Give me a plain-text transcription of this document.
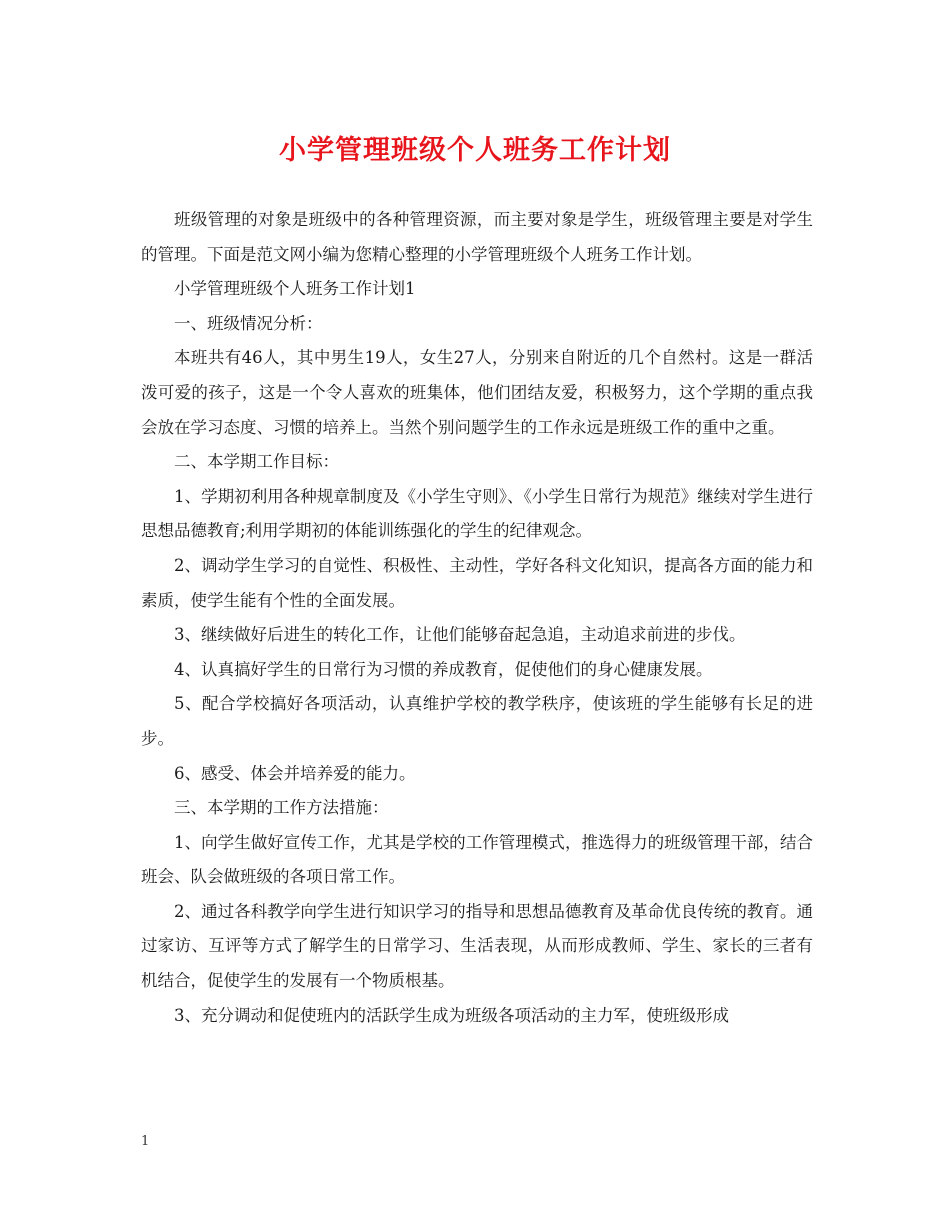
小学管理班级个人班务工作计划

班级管理的对象是班级中的各种管理资源，而主要对象是学生，班级管理主要是对学生的管理。下面是范文网小编为您精心整理的小学管理班级个人班务工作计划。

小学管理班级个人班务工作计划1

一、班级情况分析：

本班共有46人，其中男生19人，女生27人，分别来自附近的几个自然村。这是一群活泼可爱的孩子，这是一个令人喜欢的班集体，他们团结友爱，积极努力，这个学期的重点我会放在学习态度、习惯的培养上。当然个别问题学生的工作永远是班级工作的重中之重。

二、本学期工作目标：

1、学期初利用各种规章制度及《小学生守则》、《小学生日常行为规范》继续对学生进行思想品德教育;利用学期初的体能训练强化的学生的纪律观念。

2、调动学生学习的自觉性、积极性、主动性，学好各科文化知识，提高各方面的能力和素质，使学生能有个性的全面发展。

3、继续做好后进生的转化工作，让他们能够奋起急追，主动追求前进的步伐。

4、认真搞好学生的日常行为习惯的养成教育，促使他们的身心健康发展。

5、配合学校搞好各项活动，认真维护学校的教学秩序，使该班的学生能够有长足的进步。

6、感受、体会并培养爱的能力。

三、本学期的工作方法措施：

1、向学生做好宣传工作，尤其是学校的工作管理模式，推选得力的班级管理干部，结合班会、队会做班级的各项日常工作。

2、通过各科教学向学生进行知识学习的指导和思想品德教育及革命优良传统的教育。通过家访、互评等方式了解学生的日常学习、生活表现，从而形成教师、学生、家长的三者有机结合，促使学生的发展有一个物质根基。

3、充分调动和促使班内的活跃学生成为班级各项活动的主力军，使班级形成

1
